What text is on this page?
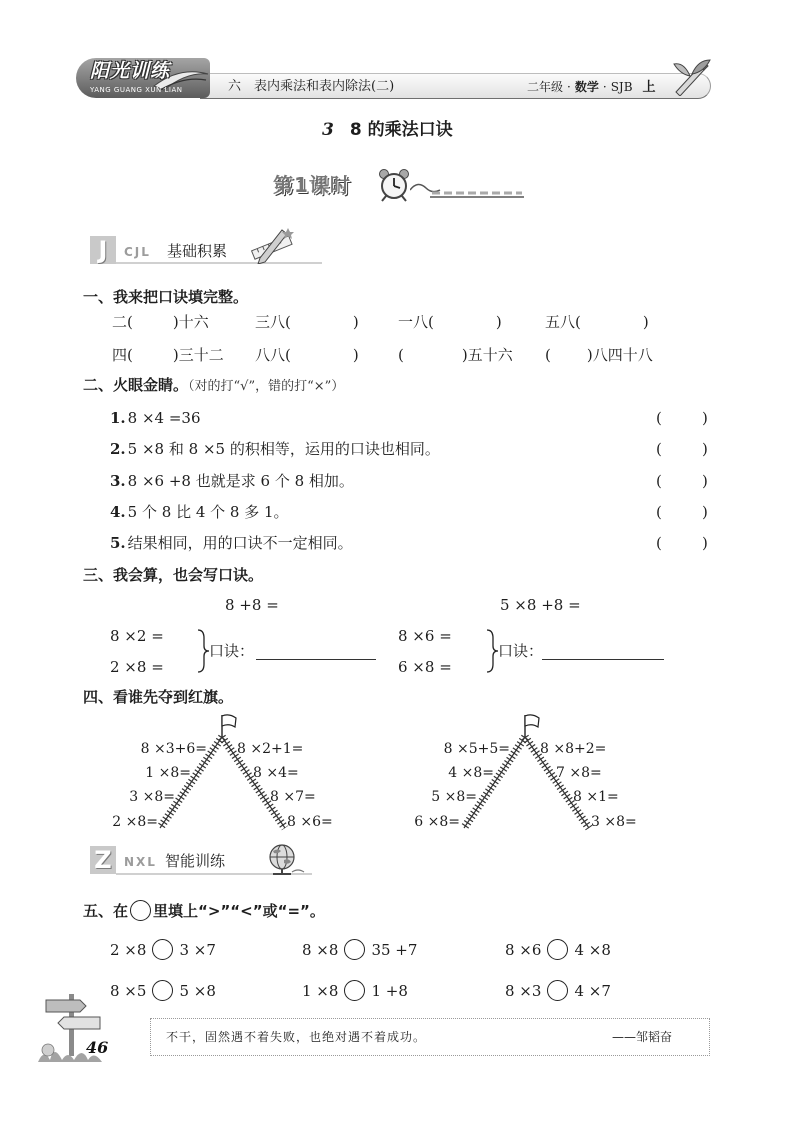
阳光训练
YANG GUANG XUN LIAN	六　表内乘法和表内除法(二)	二年级 · 数学 · SJB 上
3 8 的乘法口诀
第1课时
J	CJL 基础积累
一、我来把口诀填完整。
二(	)十六	三八(	)	一八(	)	五八(	)
四(	)三十二 八八(	)	(	)五十六 ( )八四十八
二、火眼金睛。（对的打“√”，错的打“×”）
1. 8 ×4 =36	(	)
2. 5 ×8 和 8 ×5 的积相等，运用的口诀也相同。	(	)
3. 8 ×6 +8 也就是求 6 个 8 相加。	(	)
4. 5 个 8 比 4 个 8 多 1。	(	)
5. 结果相同，用的口诀不一定相同。	(	)
三、我会算，也会写口诀。
8 +8 =
8 ×2 =
2 ×8 =
口诀：
5 ×8 +8 =
8 ×6 =
6 ×8 =
口诀：
四、看谁先夺到红旗。
8 ×3+6=
1 ×8=
3 ×8=
2 ×8=
8 ×2+1=
8 ×4=
8 ×7=
8 ×6=
8 ×5+5=
4 ×8=
5 ×8=
6 ×8=
8 ×8+2=
7 ×8=
8 ×1=
3 ×8=
Z	NXL 智能训练
五、在 里填上“>”“<”或“=”。
2 ×8 3 ×7	8 ×8 35 +7	8 ×6 4 ×8
8 ×5 5 ×8	1 ×8 1 +8	8 ×3 4 ×7
46
不干，固然遇不着失败，也绝对遇不着成功。	——邹韬奋
